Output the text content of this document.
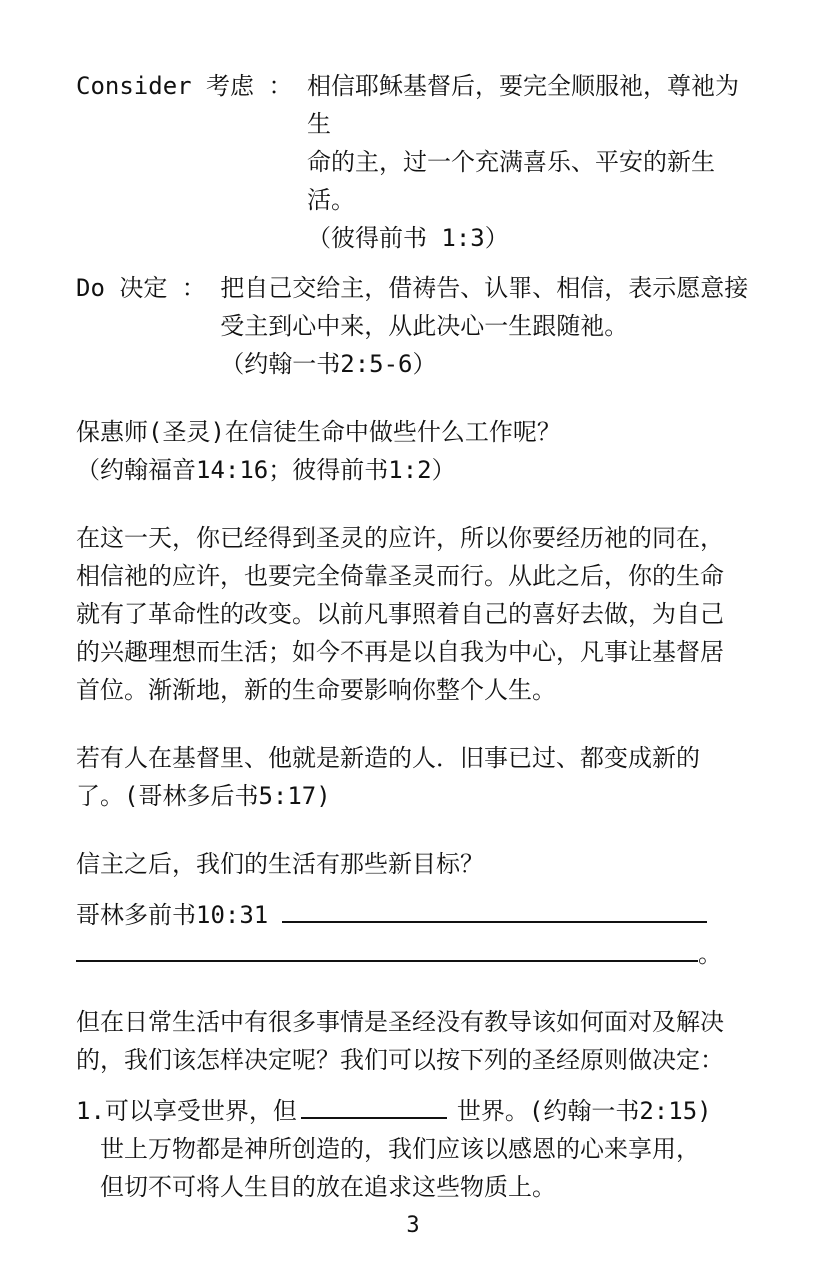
Consider 考虑 ： 相信耶稣基督后，要完全顺服祂，尊祂为生
命的主，过一个充满喜乐、平安的新生活。
（彼得前书 1:3）
Do 决定 ： 把自己交给主，借祷告、认罪、相信，表示愿意接
受主到心中来，从此决心一生跟随祂。
（约翰一书2:5-6）
保惠师(圣灵)在信徒生命中做些什么工作呢？
（约翰福音14:16；彼得前书1:2）
在这一天，你已经得到圣灵的应许，所以你要经历祂的同在，
相信祂的应许，也要完全倚靠圣灵而行。从此之后，你的生命
就有了革命性的改变。以前凡事照着自己的喜好去做，为自己
的兴趣理想而生活；如今不再是以自我为中心，凡事让基督居
首位。渐渐地，新的生命要影响你整个人生。
若有人在基督里、他就是新造的人．旧事已过、都变成新的
了。(哥林多后书5:17)
信主之后，我们的生活有那些新目标？
哥林多前书10:31
。
但在日常生活中有很多事情是圣经没有教导该如何面对及解决
的，我们该怎样决定呢？我们可以按下列的圣经原则做决定：
1.可以享受世界，但	世界。(约翰一书2:15)
世上万物都是神所创造的，我们应该以感恩的心来享用，
但切不可将人生目的放在追求这些物质上。
3
